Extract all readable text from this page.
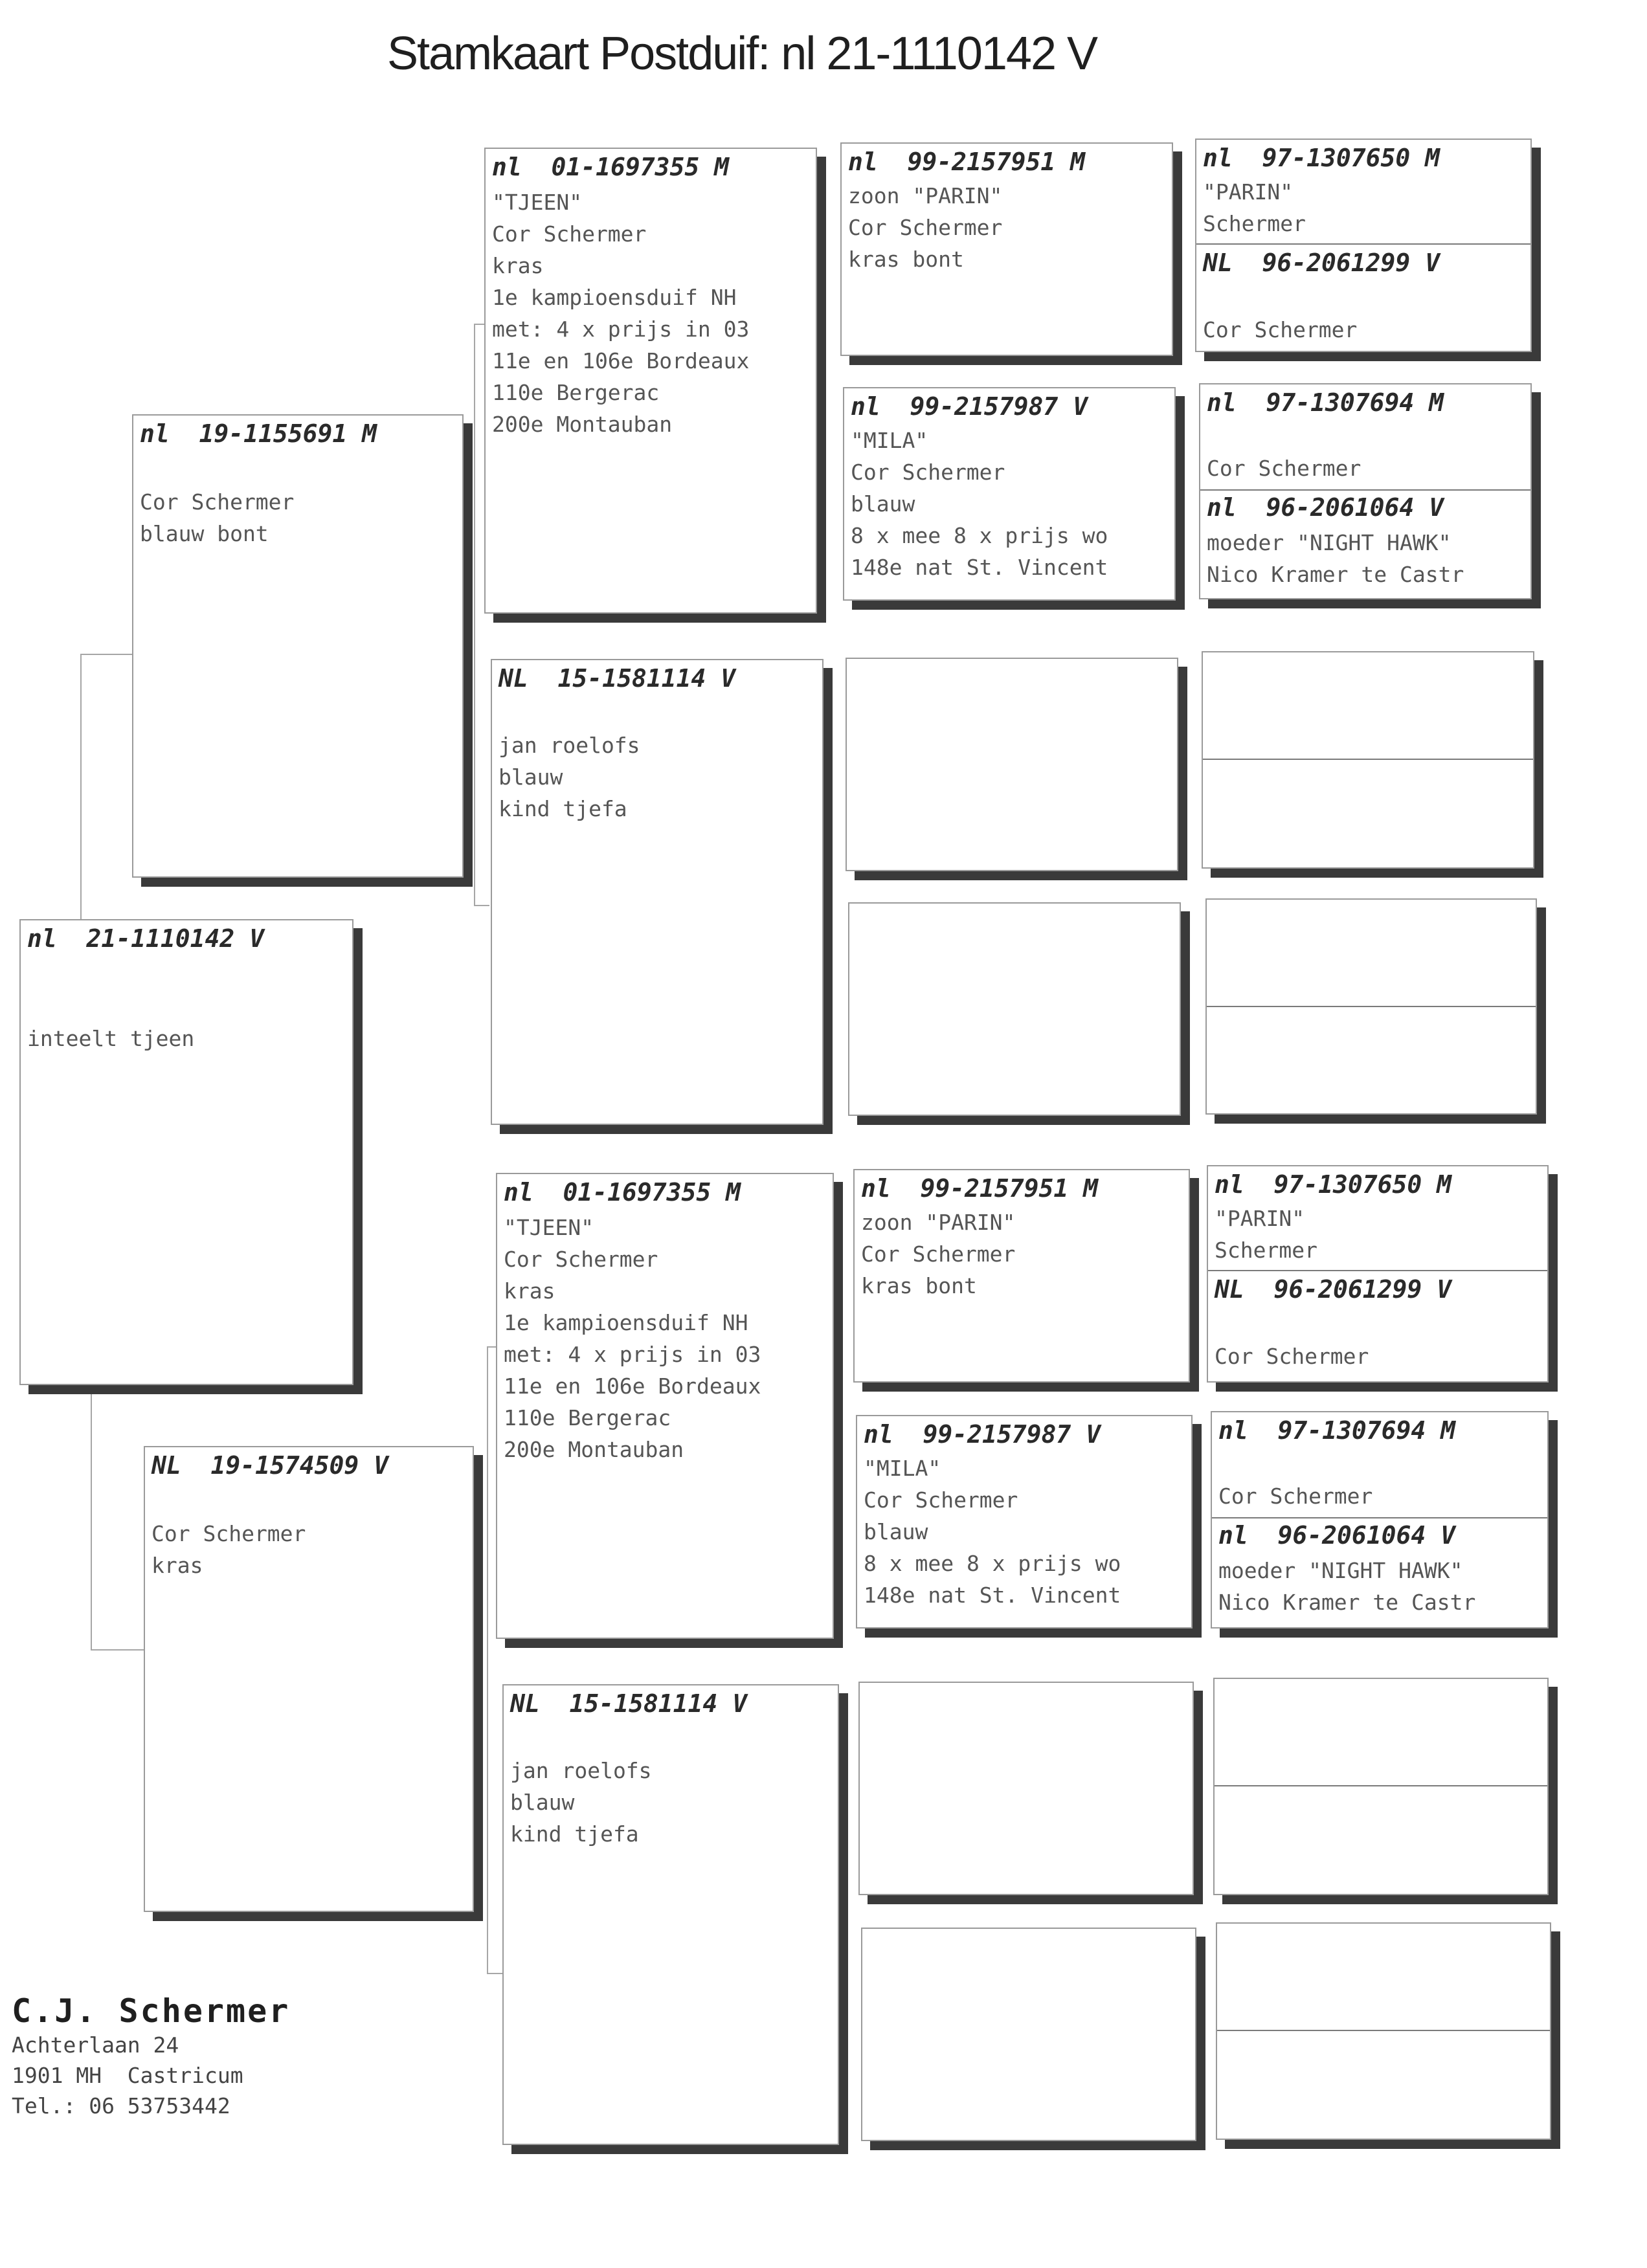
Stamkaart Postduif: nl 21-1110142 V
nl  21-1110142 V

inteelt tjeen
nl  19-1155691 M

Cor Schermer
blauw bont
NL  19-1574509 V

Cor Schermer
kras
nl  01-1697355 M
"TJEEN"
Cor Schermer
kras
1e kampioensduif NH
met: 4 x prijs in 03
11e en 106e Bordeaux
110e Bergerac
200e Montauban
NL  15-1581114 V

jan roelofs
blauw
kind tjefa
nl  99-2157951 M
zoon "PARIN"
Cor Schermer
kras bont
nl  99-2157987 V
"MILA"
Cor Schermer
blauw
8 x mee 8 x prijs wo
148e nat St. Vincent
nl  97-1307650 M
"PARIN"
Schermer
NL  96-2061299 V

Cor Schermer
nl  97-1307694 M

Cor Schermer
nl  96-2061064 V
moeder "NIGHT HAWK"
Nico Kramer te Castr
nl  01-1697355 M
"TJEEN"
Cor Schermer
kras
1e kampioensduif NH
met: 4 x prijs in 03
11e en 106e Bordeaux
110e Bergerac
200e Montauban
NL  15-1581114 V

jan roelofs
blauw
kind tjefa
nl  99-2157951 M
zoon "PARIN"
Cor Schermer
kras bont
nl  99-2157987 V
"MILA"
Cor Schermer
blauw
8 x mee 8 x prijs wo
148e nat St. Vincent
nl  97-1307650 M
"PARIN"
Schermer
NL  96-2061299 V

Cor Schermer
nl  97-1307694 M

Cor Schermer
nl  96-2061064 V
moeder "NIGHT HAWK"
Nico Kramer te Castr
C.J. Schermer
Achterlaan 24
1901 MH  Castricum
Tel.: 06 53753442
